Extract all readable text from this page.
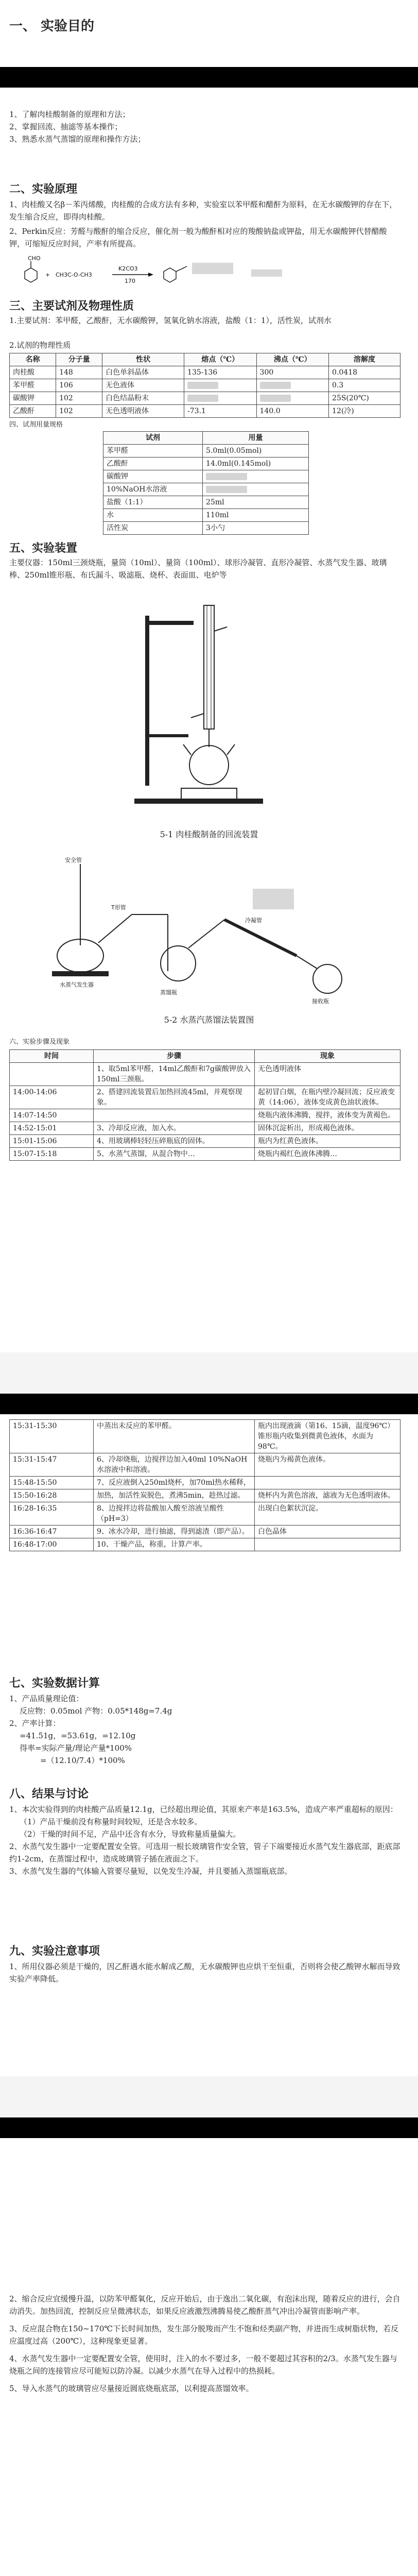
一、 实验目的
1、了解肉桂酸制备的原理和方法；
2、掌握回流、抽滤等基本操作；
3、熟悉水蒸气蒸馏的原理和操作方法；
二、实验原理
1、肉桂酸又名β－苯丙烯酸，肉桂酸的合成方法有多种，实验室以苯甲醛和醋酐为原料，在无水碳酸钾的存在下，发生缩合反应，即得肉桂酸。
2、Perkin反应：芳醛与酸酐的缩合反应，催化剂一般为酸酐相对应的羧酸钠盐或钾盐，用无水碳酸钾代替醋酸钾，可缩短反应时间，产率有所提高。
CHO
+ CH3C-O-CH3
K2CO3
170
三、主要试剂及物理性质
1.主要试剂：苯甲醛，乙酸酐，无水碳酸钾，氢氧化钠水溶液，盐酸（1：1），活性炭，试剂水
2.试剂的物理性质
名称	分子量	性状	熔点（℃）	沸点（℃）	溶解度
肉桂酸	148	白色单斜晶体	135-136	300	0.0418
苯甲醛	106	无色液体			0.3
碳酸钾	102	白色结晶粉末			25S(20℃)
乙酸酐	102	无色透明液体	-73.1	140.0	12(冷)
四、试剂用量规格
试剂	用量
苯甲醛	5.0ml(0.05mol)
乙酸酐	14.0ml(0.145mol)
碳酸钾	
10%NaOH水溶液	
盐酸（1:1）	25ml
水	110ml
活性炭	3小勺
五、实验装置
主要仪器：150ml三颈烧瓶，量筒（10ml）、量筒（100ml）、球形冷凝管、直形冷凝管、水蒸气发生器、玻璃棒、250ml锥形瓶、布氏漏斗、吸滤瓶、烧杯、表面皿、电炉等
5-1 肉桂酸制备的回流装置
安全管
水蒸气发生器
T形管
蒸馏瓶
冷凝管
接收瓶
5-2 水蒸汽蒸馏法装置图
六、实验步骤及现象
时间	步骤	现象
	1、取5ml苯甲醛，14ml乙酸酐和7g碳酸钾放入150ml三颈瓶。	无色透明液体
14:00-14:06	2、搭建回流装置后加热回流45ml，并观察现象。	起初冒白烟，在瓶内壁冷凝回流；反应液变黄（14:06），液体变成黄色油状液体。
14:07-14:50		烧瓶内液体沸腾，搅拌，液体变为黄褐色。
14:52-15:01	3、冷却反应液，加入水。	固体沉淀析出，形成褐色液体。
15:01-15:06	4、用玻璃棒轻轻压碎瓶底的固体。	瓶内为红黄色液体。
15:07-15:18	5、水蒸气蒸馏，从混合物中…	烧瓶内褐红色液体沸腾…
15:31-15:30	中蒸出未反应的苯甲醛。	瓶内出现液滴（第16、15滴，温度96℃）锥形瓶内收集到微黄色液体，水面为98℃。
15:31-15:47	6、冷却烧瓶，边搅拌边加入40ml 10%NaOH水溶液中和溶液。	烧瓶内为褐黄色液体。
15:48-15:50	7、反应液倒入250ml烧杯，加70ml热水稀释，	
15:50-16:28	加热，加活性炭脱色，煮沸5min，趁热过滤。	烧杯内为黄色溶液，滤液为无色透明液体。
16:28-16:35	8、边搅拌边将盐酸加入酸至溶液呈酸性（pH=3）	出现白色絮状沉淀。
16:36-16:47	9、冰水冷却，进行抽滤，得到滤渣（即产品）。	白色晶体
16:48-17:00	10、干燥产品，称重，计算产率。	
七、实验数据计算
1、产品质量理论值：
反应物：0.05mol 产物：0.05*148g=7.4g
2、产率计算：
=41.51g，=53.61g，=12.10g
得率=实际产量/理论产量*100%
=（12.10/7.4）*100%
八、结果与讨论
1、本次实验得到的肉桂酸产品质量12.1g，已经超出理论值，其原来产率是163.5%，造成产率严重超标的原因：
（1）产品干燥前没有称量时间较短，还是含水较多。
（2）干燥的时间不足，产品中还含有水分，导致称量质量偏大。
2、水蒸气发生器中一定要配置安全管。可选用一根长玻璃管作安全管，管子下端要接近水蒸气发生器底部，距底部约1-2cm，在蒸馏过程中，造成玻璃管子插在液面之下。
3、水蒸气发生器的气体输入管要尽量短，以免发生冷凝，并且要插入蒸馏瓶底部。
九、实验注意事项
1、所用仪器必须是干燥的，因乙酐遇水能水解成乙酸，无水碳酸钾也应烘干至恒重，否则将会使乙酸钾水解而导致实验产率降低。
2、缩合反应宜缓慢升温，以防苯甲醛氧化，反应开始后，由于逸出二氧化碳，有泡沫出现，随着反应的进行，会自动消失。加热回流，控制反应呈微沸状态，如果反应液激烈沸腾易使乙酸酐蒸气冲出冷凝管而影响产率。
3、反应混合物在150~170℃下长时间加热，发生部分脱羧而产生不饱和烃类副产物，并进而生成树脂状物，若反应温度过高（200℃），这种现象更显著。
4、水蒸气发生器中一定要配置安全管，使用时，注入的水不要过多，一般不要超过其容积的2/3。水蒸气发生器与烧瓶之间的连接管应尽可能短以防冷凝。以减少水蒸气在导入过程中的热损耗。
5、导入水蒸气的玻璃管应尽量接近圆底烧瓶底部，以利提高蒸馏效率。
